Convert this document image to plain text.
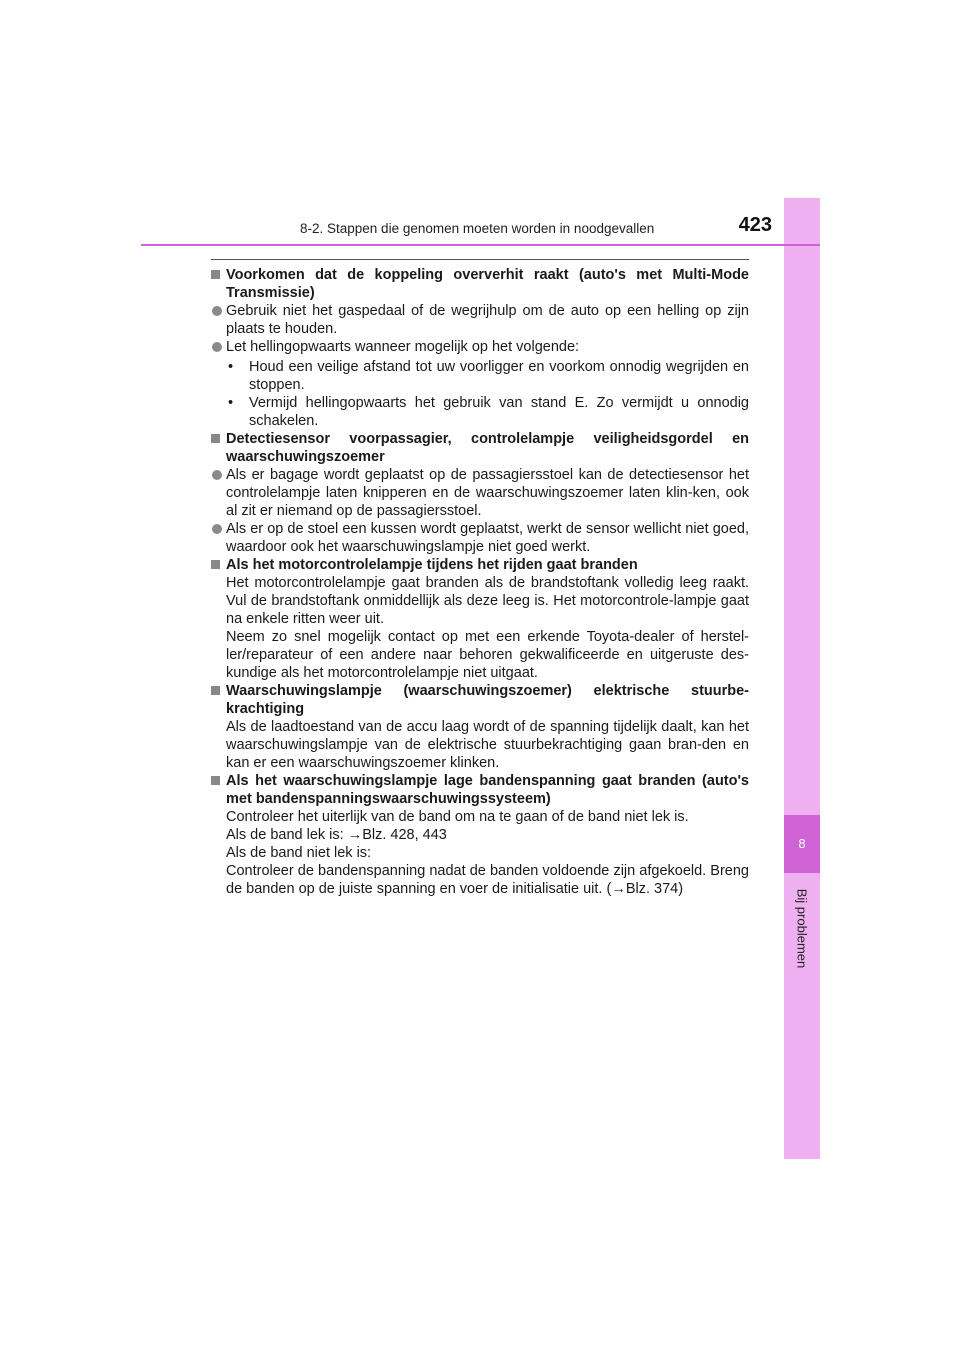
8
Bij problemen
8-2. Stappen die genomen moeten worden in noodgevallen	423

Voorkomen dat de koppeling oververhit raakt (auto's met Multi-Mode Transmissie)

Gebruik niet het gaspedaal of de wegrijhulp om de auto op een helling op zijn plaats te houden.

Let hellingopwaarts wanneer mogelijk op het volgende:

• Houd een veilige afstand tot uw voorligger en voorkom onnodig wegrijden en stoppen.

• Vermijd hellingopwaarts het gebruik van stand E. Zo vermijdt u onnodig schakelen.

Detectiesensor voorpassagier, controlelampje veiligheidsgordel en waarschuwingszoemer

Als er bagage wordt geplaatst op de passagiersstoel kan de detectiesensor het controlelampje laten knipperen en de waarschuwingszoemer laten klin-ken, ook al zit er niemand op de passagiersstoel.

Als er op de stoel een kussen wordt geplaatst, werkt de sensor wellicht niet goed, waardoor ook het waarschuwingslampje niet goed werkt.

Als het motorcontrolelampje tijdens het rijden gaat branden

Het motorcontrolelampje gaat branden als de brandstoftank volledig leeg raakt. Vul de brandstoftank onmiddellijk als deze leeg is. Het motorcontrole-lampje gaat na enkele ritten weer uit.

Neem zo snel mogelijk contact op met een erkende Toyota-dealer of herstel-ler/reparateur of een andere naar behoren gekwalificeerde en uitgeruste des-kundige als het motorcontrolelampje niet uitgaat.

Waarschuwingslampje (waarschuwingszoemer) elektrische stuurbe-krachtiging

Als de laadtoestand van de accu laag wordt of de spanning tijdelijk daalt, kan het waarschuwingslampje van de elektrische stuurbekrachtiging gaan bran-den en kan er een waarschuwingszoemer klinken.

Als het waarschuwingslampje lage bandenspanning gaat branden (auto's met bandenspanningswaarschuwingssysteem)

Controleer het uiterlijk van de band om na te gaan of de band niet lek is.

Als de band lek is: →Blz. 428, 443

Als de band niet lek is:

Controleer de bandenspanning nadat de banden voldoende zijn afgekoeld. Breng de banden op de juiste spanning en voer de initialisatie uit. (→Blz. 374)
